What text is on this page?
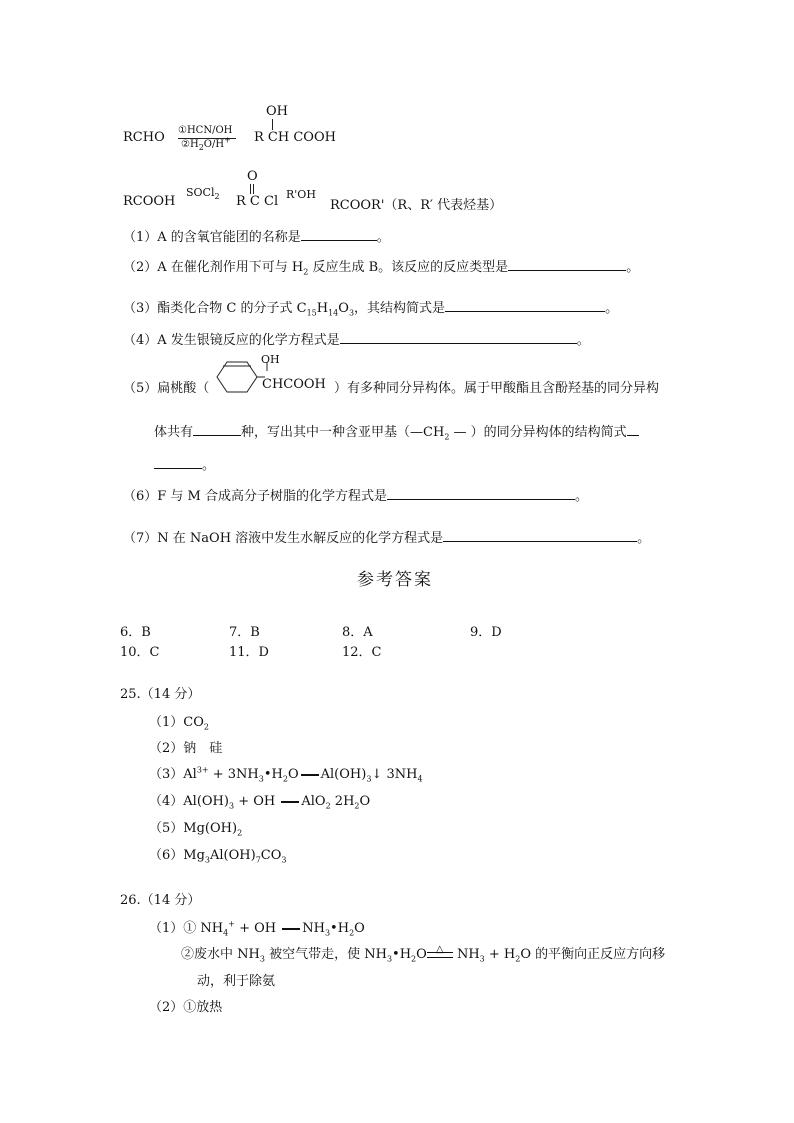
RCHO ①HCN/OH
$②H_2O/H^+$
OH
R CH COOH
RCOOH
SOCl$_2$
O
R C Cl R'OH
RCOOR'（R、R′ 代表烃基）
（1）A 的含氧官能团的名称是	。
（2）A 在催化剂作用下可与 $H_2$ 反应生成 B。该反应的反应类型是	。
（3）酯类化合物 C 的分子式 $C_{15}H_{14}O_3$，其结构简式是	。
（4）A 发生银镜反应的化学方程式是	。
（5）扁桃酸（
OH
CHCOOH ）有多种同分异构体。属于甲酸酯且含酚羟基的同分异构
体共有	种，写出其中一种含亚甲基（$—CH_2$ — ）的同分异构体的结构简式
。
（6）F 与 M 合成高分子树脂的化学方程式是	。
（7）N 在 NaOH 溶液中发生水解反应的化学方程式是	。
参考答案
6．B	7．B	8．A	9．D
10．C	11．D	12．C
25.（14 分）
$(1)CO_2$
（2）钠　硅
$(3)Al^{3+}$ + $3NH_3•H_2O$ $Al(OH)_3↓$ $3NH_4$
$(4)Al(OH)_3$ + OH AlO$_2$ $2H_2O$
$(5)Mg(OH)_2$
$(6)Mg_3Al(OH)_7CO_3$
26.（14 分）
（1）① $NH_4^+$ + OH $NH_3•H_2O$
②废水中 $NH_3$ 被空气带走，使 $NH_3•H_2O$ △ $NH_3 + H_2O$ 的平衡向正反应方向移
动，利于除氨
（2）①放热
